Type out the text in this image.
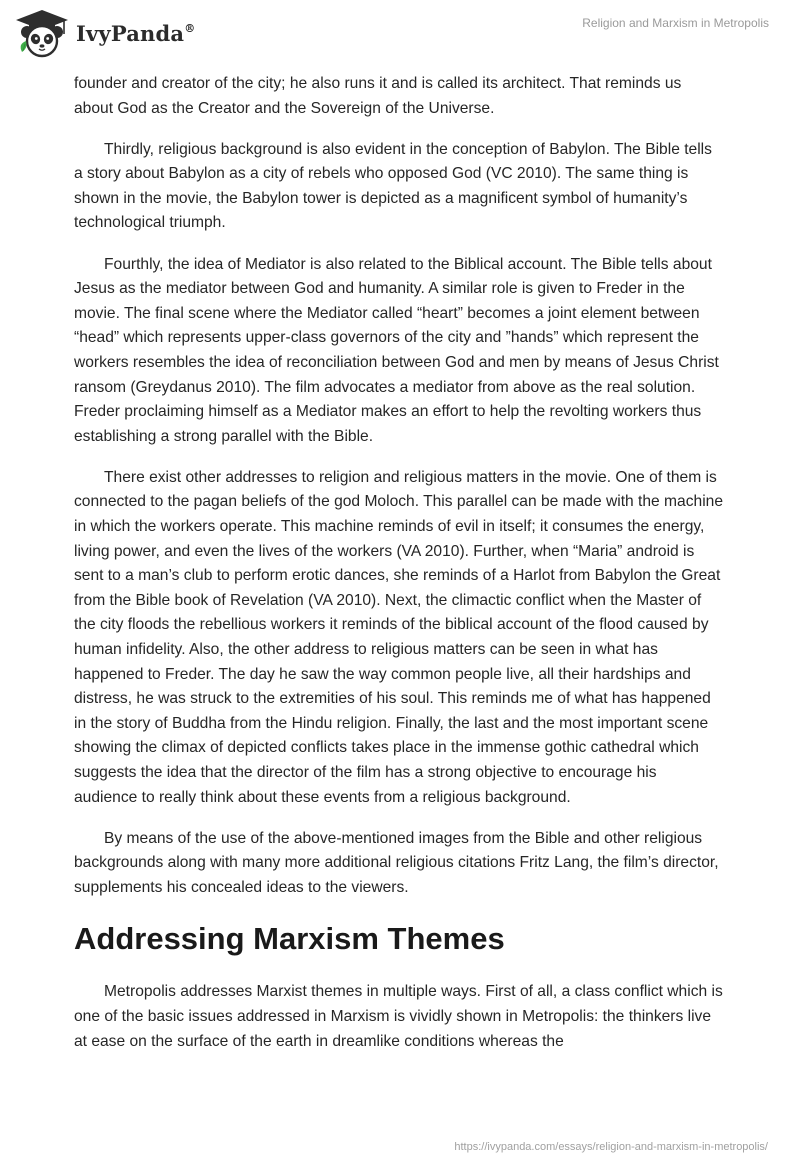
IvyPanda®	Religion and Marxism in Metropolis

founder and creator of the city; he also runs it and is called its architect. That reminds us about God as the Creator and the Sovereign of the Universe.

Thirdly, religious background is also evident in the conception of Babylon. The Bible tells a story about Babylon as a city of rebels who opposed God (VC 2010). The same thing is shown in the movie, the Babylon tower is depicted as a magnificent symbol of humanity’s technological triumph.

Fourthly, the idea of Mediator is also related to the Biblical account. The Bible tells about Jesus as the mediator between God and humanity. A similar role is given to Freder in the movie. The final scene where the Mediator called “heart” becomes a joint element between “head” which represents upper-class governors of the city and ”hands” which represent the workers resembles the idea of reconciliation between God and men by means of Jesus Christ ransom (Greydanus 2010). The film advocates a mediator from above as the real solution. Freder proclaiming himself as a Mediator makes an effort to help the revolting workers thus establishing a strong parallel with the Bible.

There exist other addresses to religion and religious matters in the movie. One of them is connected to the pagan beliefs of the god Moloch. This parallel can be made with the machine in which the workers operate. This machine reminds of evil in itself; it consumes the energy, living power, and even the lives of the workers (VA 2010). Further, when “Maria” android is sent to a man’s club to perform erotic dances, she reminds of a Harlot from Babylon the Great from the Bible book of Revelation (VA 2010). Next, the climactic conflict when the Master of the city floods the rebellious workers it reminds of the biblical account of the flood caused by human infidelity. Also, the other address to religious matters can be seen in what has happened to Freder. The day he saw the way common people live, all their hardships and distress, he was struck to the extremities of his soul. This reminds me of what has happened in the story of Buddha from the Hindu religion. Finally, the last and the most important scene showing the climax of depicted conflicts takes place in the immense gothic cathedral which suggests the idea that the director of the film has a strong objective to encourage his audience to really think about these events from a religious background.

By means of the use of the above-mentioned images from the Bible and other religious backgrounds along with many more additional religious citations Fritz Lang, the film’s director, supplements his concealed ideas to the viewers.

Addressing Marxism Themes

Metropolis addresses Marxist themes in multiple ways. First of all, a class conflict which is one of the basic issues addressed in Marxism is vividly shown in Metropolis: the thinkers live at ease on the surface of the earth in dreamlike conditions whereas the

https://ivypanda.com/essays/religion-and-marxism-in-metropolis/
